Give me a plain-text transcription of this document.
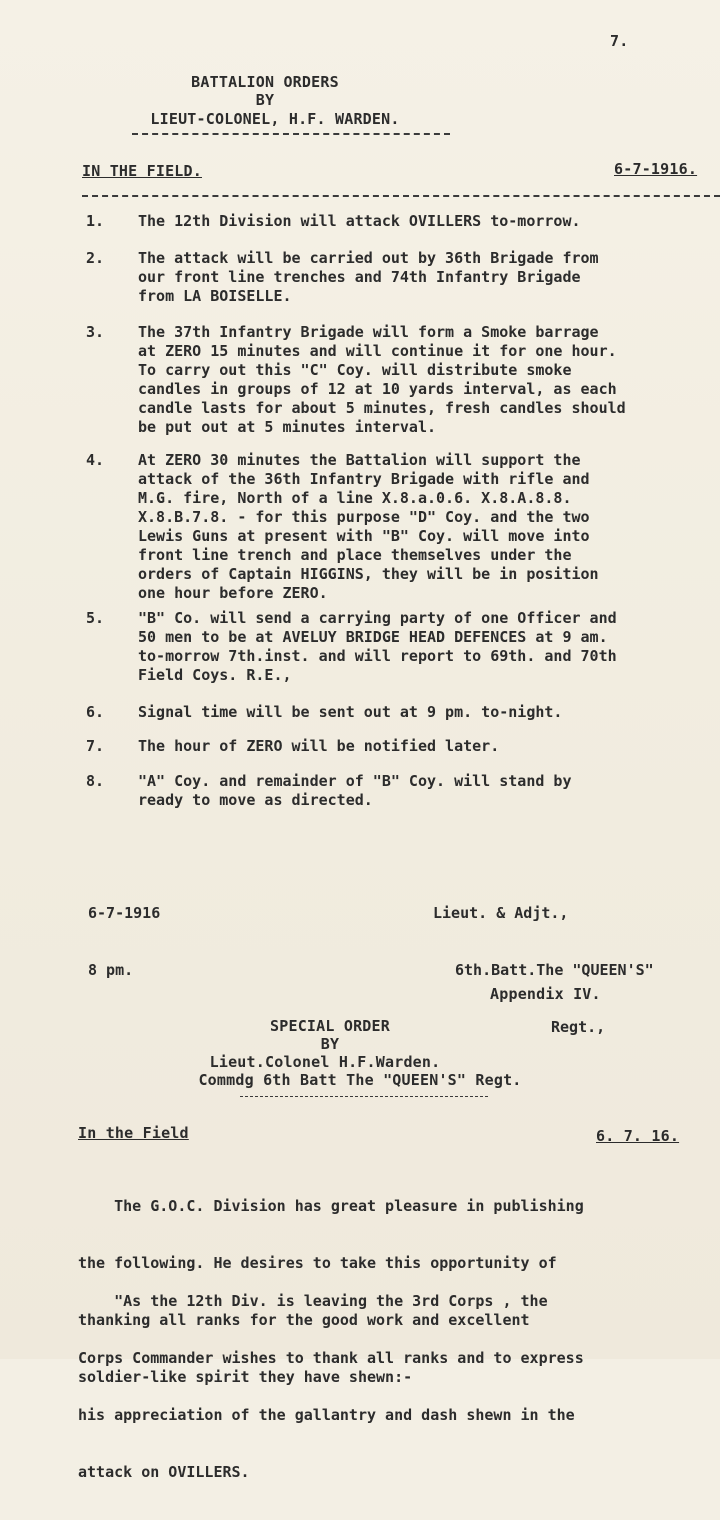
7.
BATTALION ORDERS
BY
LIEUT-COLONEL, H.F. WARDEN.
IN THE FIELD.	6-7-1916.
1. The 12th Division will attack OVILLERS to-morrow.
2. The attack will be carried out by 36th Brigade from
our front line trenches and 74th Infantry Brigade
from LA BOISELLE.
3. The 37th Infantry Brigade will form a Smoke barrage
at ZERO 15 minutes and will continue it for one hour.
To carry out this "C" Coy. will distribute smoke
candles in groups of 12 at 10 yards interval, as each
candle lasts for about 5 minutes, fresh candles should
be put out at 5 minutes interval.
4. At ZERO 30 minutes the Battalion will support the
attack of the 36th Infantry Brigade with rifle and
M.G. fire, North of a line X.8.a.0.6. X.8.A.8.8.
X.8.B.7.8. - for this purpose "D" Coy. and the two
Lewis Guns at present with "B" Coy. will move into
front line trench and place themselves under the
orders of Captain HIGGINS, they will be in position
one hour before ZERO.
5. "B" Co. will send a carrying party of one Officer and
50 men to be at AVELUY BRIDGE HEAD DEFENCES at 9 am.
to-morrow 7th.inst. and will report to 69th. and 70th
Field Coys. R.E.,
6. Signal time will be sent out at 9 pm. to-night.
7. The hour of ZERO will be notified later.
8. "A" Coy. and remainder of "B" Coy. will stand by
ready to move as directed.

6-7-1916

8 pm.

Lieut. & Adjt.,

6th.Batt.The "QUEEN'S"

Regt.,

Appendix IV.
SPECIAL ORDER
BY
Lieut.Colonel H.F.Warden.
Commdg 6th Batt The "QUEEN'S" Regt.
In the Field	6. 7. 16.

The G.O.C. Division has great pleasure in publishing

the following. He desires to take this opportunity of

thanking all ranks for the good work and excellent

soldier-like spirit they have shewn:-

"As the 12th Div. is leaving the 3rd Corps , the

Corps Commander wishes to thank all ranks and to express

his appreciation of the gallantry and dash shewn in the

attack on OVILLERS.
